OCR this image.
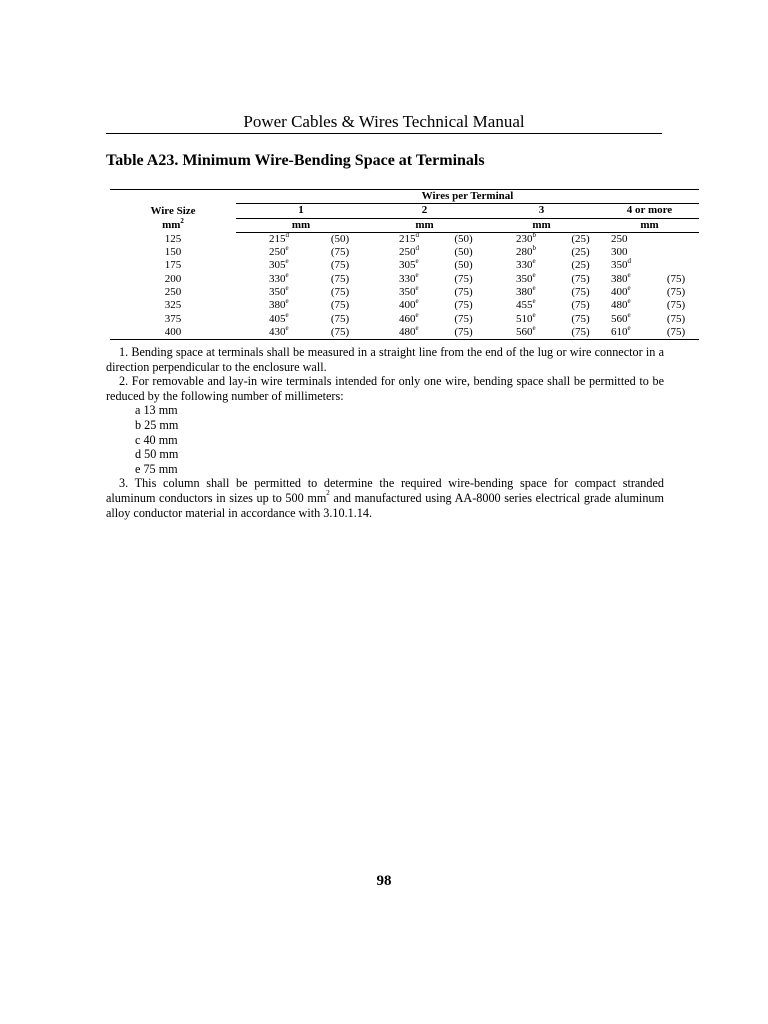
Power Cables & Wires Technical Manual
Table A23. Minimum Wire-Bending Space at Terminals

	Wires per Terminal							
Wire Size	1		2		3		4 or more	
$mm^2$	mm		mm		mm		mm	
125	215$^d$	(50)	215$^d$	(50)	230$^b$	(25)	250	
150	250e	(75)	250$^d$	(50)	280$^b$	(25)	300	
175	305e	(75)	305e	(50)	330e	(25)	350$^d$	
200	330e	(75)	330e	(75)	350e	(75)	380e	(75)
250	350e	(75)	350e	(75)	380e	(75)	400e	(75)
325	380e	(75)	400e	(75)	455e	(75)	480e	(75)
375	405e	(75)	460e	(75)	510e	(75)	560e	(75)
400	430e	(75)	480e	(75)	560e	(75)	610e	(75)

1. Bending space at terminals shall be measured in a straight line from the end of the lug or wire connector in a direction perpendicular to the enclosure wall.

2. For removable and lay-in wire terminals intended for only one wire, bending space shall be permitted to be reduced by the following number of millimeters:

a 13 mm

b 25 mm

c 40 mm

d 50 mm

e 75 mm

3. This column shall be permitted to determine the required wire-bending space for compact stranded aluminum conductors in sizes up to 500 $mm^2$ and manufactured using AA-8000 series electrical grade aluminum alloy conductor material in accordance with 3.10.1.14.

98
